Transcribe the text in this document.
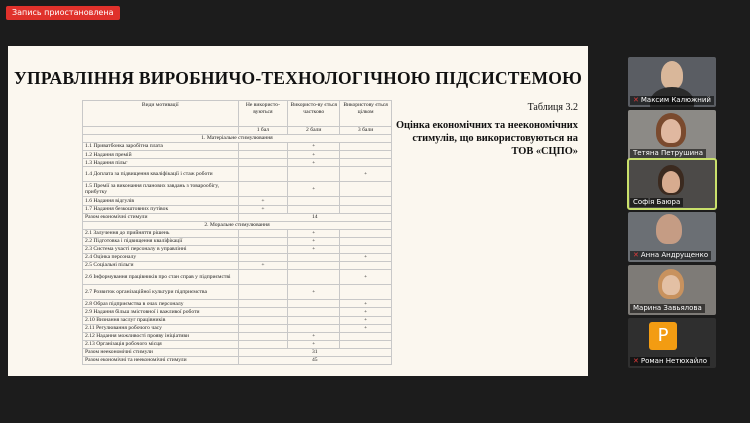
Запись приостановлена
УПРАВЛІННЯ ВИРОБНИЧО-ТЕХНОЛОГІЧНОЮ ПІДСИСТЕМОЮ
Види мотивації	Не використо-вуються	Використо-ву ється частково	Використову ється цілком
	1 бал	2 бали	3 бали
1. Матеріальне стимулювання			
1.1 Приватбонка заробітна плата		+	
1.2 Надання премій		+	
1.3 Надання пільг		+	
1.4 Доплата за підвищення кваліфікації і стаж роботи			+
1.5 Премії за виконання планових завдань з товарообігу, прибутку		+	
1.6 Надання відгулів	+		
1.7 Надання безкоштовних путівок	+		
Разом економічні стимули	14		
2. Моральне стимулювання			
2.1 Залучення до прийняття рішень		+	
2.2 Підготовка і підвищення кваліфікації		+	
2.3 Система участі персоналу в управлінні		+	
2.4 Оцінка персоналу			+
2.5 Соціальні пільги	+		
2.6 Інформування працівників про стан справ у підприємстві			+
2.7 Розвиток організаційної культури підприємства		+	
2.8 Образ підприємства в очах персоналу			+
2.9 Надання більш змістовної і важливої роботи			+
2.10 Визнання заслуг працівників			+
2.11 Регулювання робочого часу			+
2.12 Надання можливості прояву ініціативи		+	
2.13 Організація робочого місця		+	
Разом неекономічні стимули	31		
Разом економічні та неекономічні стимули	45		
Таблиця 3.2
Оцінка економічних та неекономічних стимулів, що використовуються на ТОВ «СЦПО»
✕ Максим Калюжний
Тетяна Петрушина
Софія Баюра
✕ Анна Андрущенко
Марина Завьялова
Р
✕ Роман Нетюхайло
